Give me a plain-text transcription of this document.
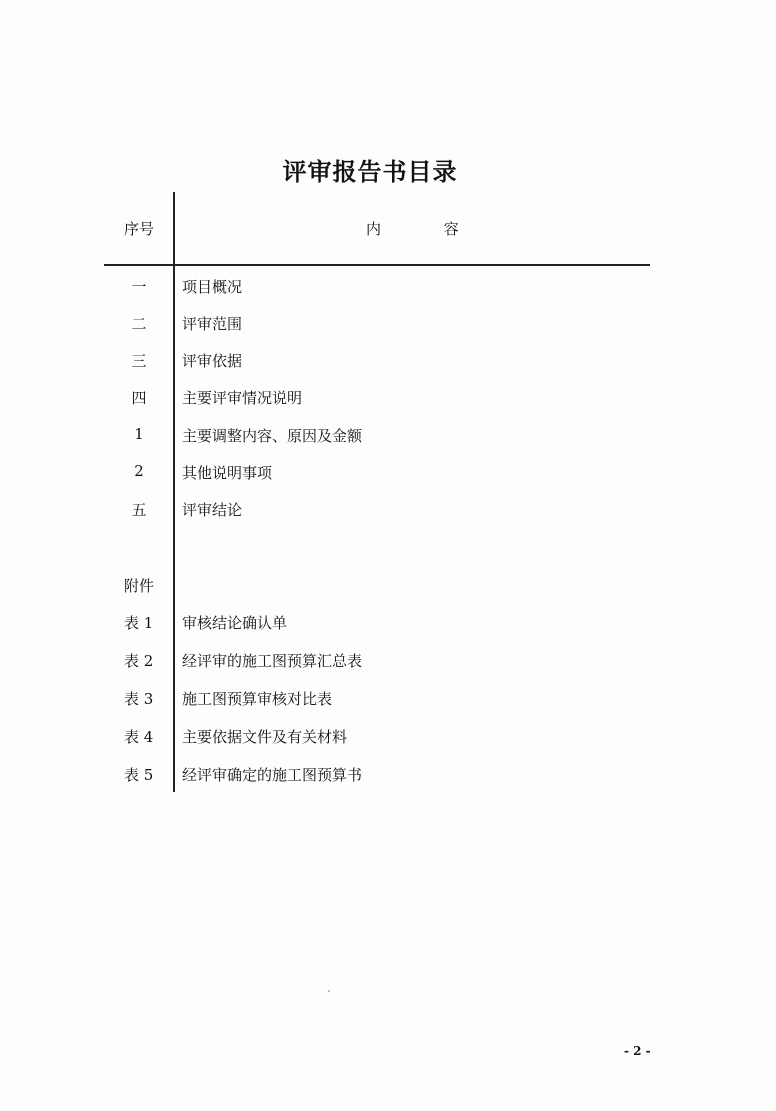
评审报告书目录
序号	内 容
一	项目概况
二	评审范围
三	评审依据
四	主要评审情况说明
1	主要调整内容、原因及金额
2	其他说明事项
五	评审结论
附件
表 1	审核结论确认单
表 2	经评审的施工图预算汇总表
表 3	施工图预算审核对比表
表 4	主要依据文件及有关材料
表 5	经评审确定的施工图预算书
- 2 -
